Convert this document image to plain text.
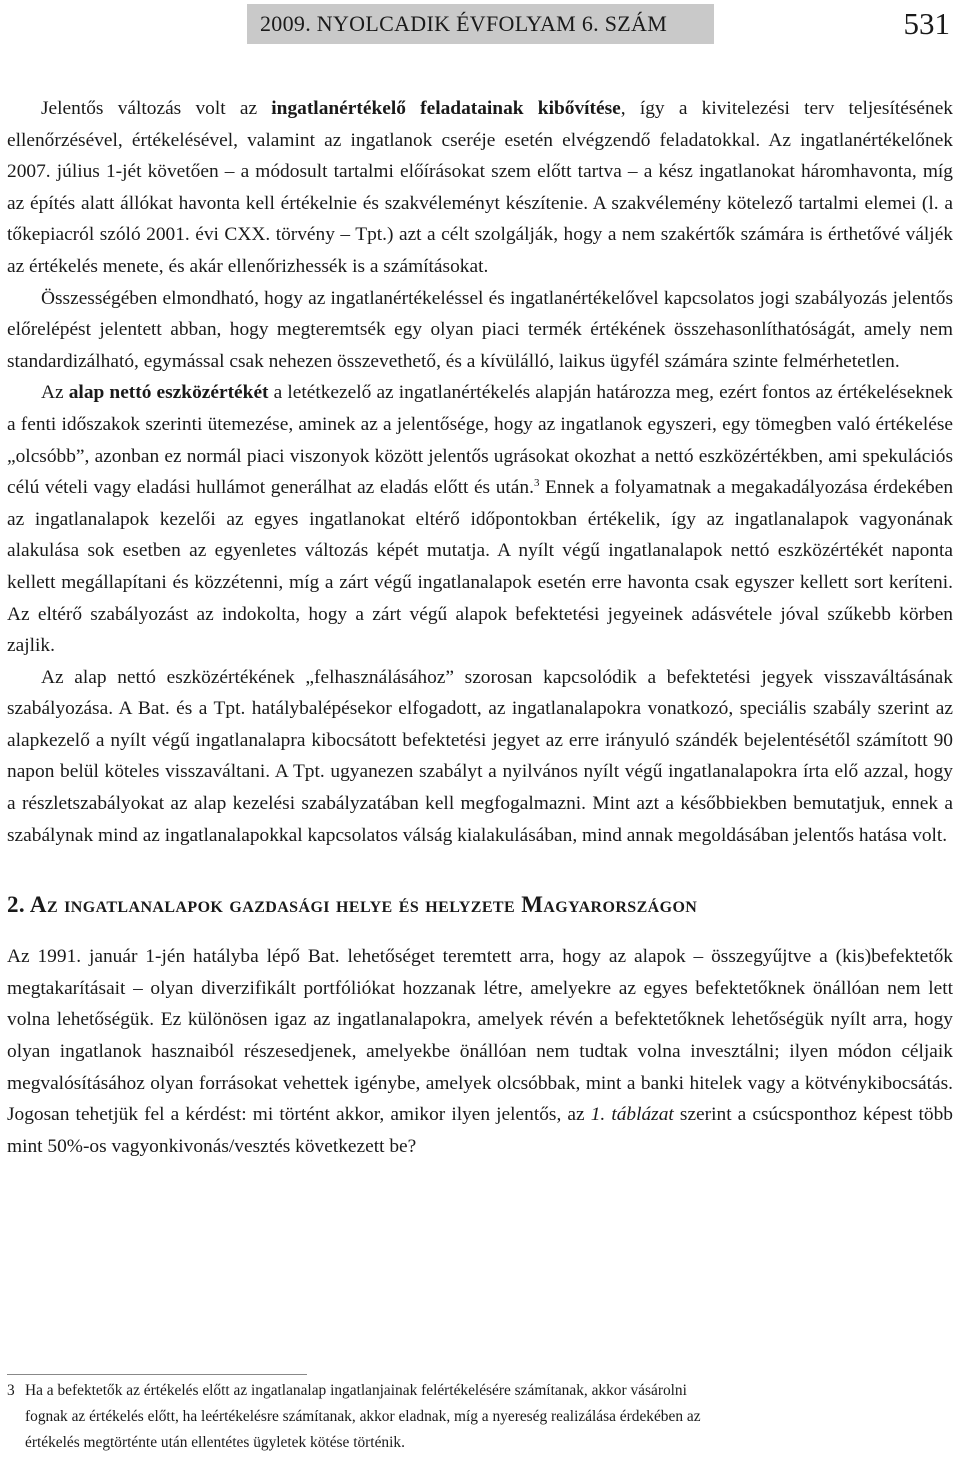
2009. NYOLCADIK ÉVFOLYAM 6. SZÁM	531

Jelentős változás volt az ingatlanértékelő feladatainak kibővítése, így a kivitelezési terv teljesítésének ellenőrzésével, értékelésével, valamint az ingatlanok cseréje esetén elvégzendő feladatokkal. Az ingatlanértékelőnek 2007. július 1-jét követően – a módosult tartalmi előírásokat szem előtt tartva – a kész ingatlanokat háromhavonta, míg az építés alatt állókat havonta kell értékelnie és szakvéleményt készítenie. A szakvélemény kötelező tartalmi elemei (l. a tőkepiacról szóló 2001. évi CXX. törvény – Tpt.) azt a célt szolgálják, hogy a nem szakértők számára is érthetővé váljék az értékelés menete, és akár ellenőrizhessék is a számításokat.

Összességében elmondható, hogy az ingatlanértékeléssel és ingatlanértékelővel kapcsolatos jogi szabályozás jelentős előrelépést jelentett abban, hogy megteremtsék egy olyan piaci termék értékének összehasonlíthatóságát, amely nem standardizálható, egymással csak nehezen összevethető, és a kívülálló, laikus ügyfél számára szinte felmérhetetlen.

Az alap nettó eszközértékét a letétkezelő az ingatlanértékelés alapján határozza meg, ezért fontos az értékeléseknek a fenti időszakok szerinti ütemezése, aminek az a jelentősége, hogy az ingatlanok egyszeri, egy tömegben való értékelése „olcsóbb”, azonban ez normál piaci viszonyok között jelentős ugrásokat okozhat a nettó eszközértékben, ami spekulációs célú vételi vagy eladási hullámot generálhat az eladás előtt és után.$^3$ Ennek a folyamatnak a megakadályozása érdekében az ingatlanalapok kezelői az egyes ingatlanokat eltérő időpontokban értékelik, így az ingatlanalapok vagyonának alakulása sok esetben az egyenletes változás képét mutatja. A nyílt végű ingatlanalapok nettó eszközértékét naponta kellett megállapítani és közzétenni, míg a zárt végű ingatlanalapok esetén erre havonta csak egyszer kellett sort keríteni. Az eltérő szabályozást az indokolta, hogy a zárt végű alapok befektetési jegyeinek adásvétele jóval szűkebb körben zajlik.

Az alap nettó eszközértékének „felhasználásához” szorosan kapcsolódik a befektetési jegyek visszaváltásának szabályozása. A Bat. és a Tpt. hatálybalépésekor elfogadott, az ingatlanalapokra vonatkozó, speciális szabály szerint az alapkezelő a nyílt végű ingatlanalapra kibocsátott befektetési jegyet az erre irányuló szándék bejelentésétől számított 90 napon belül köteles visszaváltani. A Tpt. ugyanezen szabályt a nyilvános nyílt végű ingatlanalapokra írta elő azzal, hogy a részletszabályokat az alap kezelési szabályzatában kell megfogalmazni. Mint azt a későbbiekben bemutatjuk, ennek a szabálynak mind az ingatlanalapokkal kapcsolatos válság kialakulásában, mind annak megoldásában jelentős hatása volt.

2. Az ingatlanalapok gazdasági helye és helyzete Magyarországon

Az 1991. január 1-jén hatályba lépő Bat. lehetőséget teremtett arra, hogy az alapok – összegyűjtve a (kis)befektetők megtakarításait – olyan diverzifikált portfóliókat hozzanak létre, amelyekre az egyes befektetőknek önállóan nem lett volna lehetőségük. Ez különösen igaz az ingatlanalapokra, amelyek révén a befektetőknek lehetőségük nyílt arra, hogy olyan ingatlanok hasznaiból részesedjenek, amelyekbe önállóan nem tudtak volna invesztálni; ilyen módon céljaik megvalósításához olyan forrásokat vehettek igénybe, amelyek olcsóbbak, mint a banki hitelek vagy a kötvénykibocsátás. Jogosan tehetjük fel a kérdést: mi történt akkor, amikor ilyen jelentős, az 1. táblázat szerint a csúcsponthoz képest több mint 50%-os vagyonkivonás/vesztés következett be?

3 Ha a befektetők az értékelés előtt az ingatlanalap ingatlanjainak felértékelésére számítanak, akkor vásárolni
fognak az értékelés előtt, ha leértékelésre számítanak, akkor eladnak, míg a nyereség realizálása érdekében az
értékelés megtörténte után ellentétes ügyletek kötése történik.
